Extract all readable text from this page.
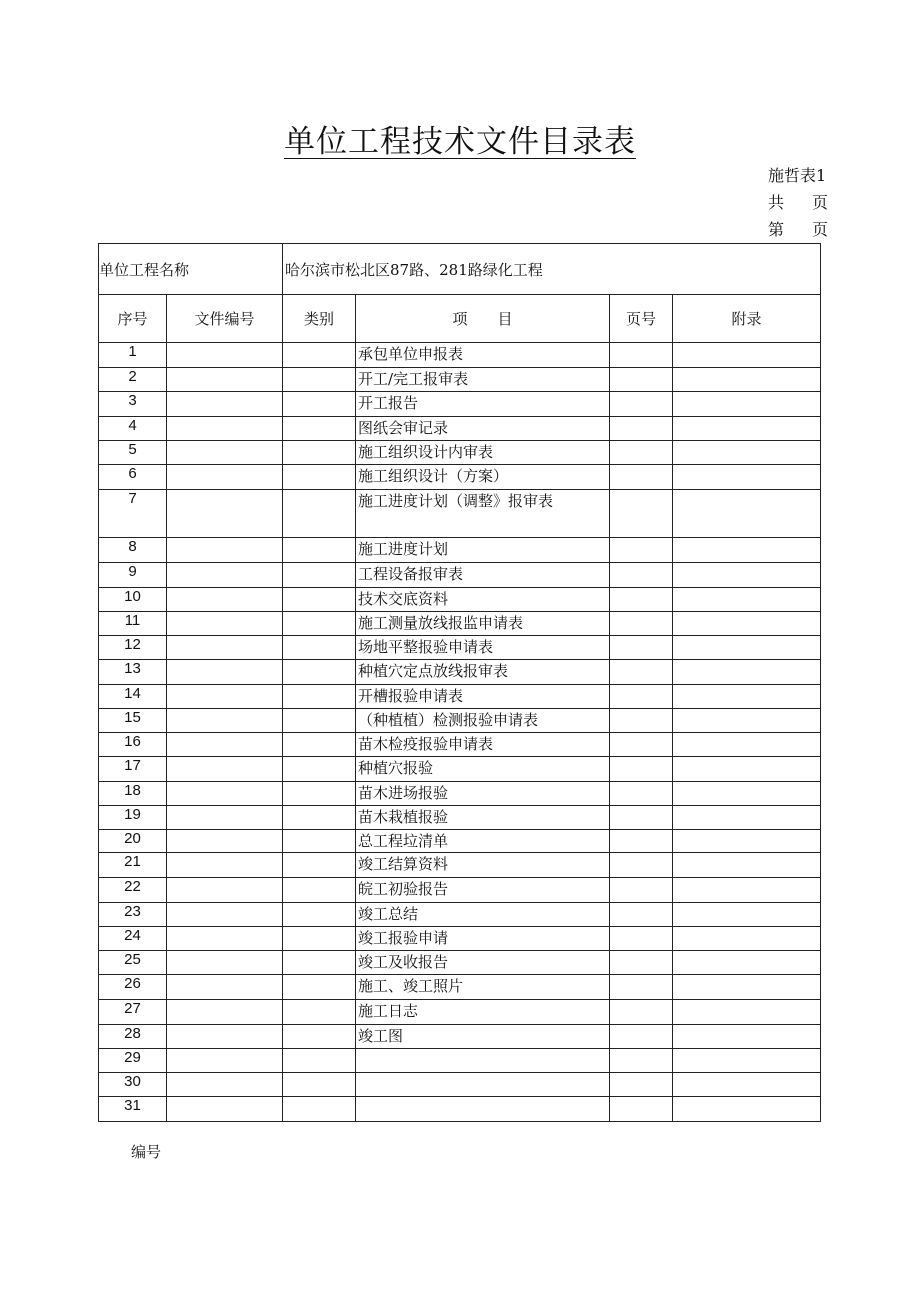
单位工程技术文件目录表
施哲表1
共 页
第 页
单位工程名称		哈尔滨市松北区87路、281路绿化工程			
序号	文件编号	类别	项　　目	页号	附录
1			承包单位申报表		
2			开工/完工报审表		
3			开工报告		
4			图纸会审记录		
5			施工组织设计内审表		
6			施工组织设计（方案）		
7			施工进度计划（调整》报审表		
8			施工进度计划		
9			工程设备报审表		
10			技术交底资料		
11			施工测量放线报监申请表		
12			场地平整报验申请表		
13			种植穴定点放线报审表		
14			开槽报验申请表		
15			（种植植）检测报验申请表		
16			苗木检疫报验申请表		
17			种植穴报验		
18			苗木进场报验		
19			苗木栽植报验		
20			总工程垃清单		
21			竣工结算资料		
22			皖工初验报告		
23			竣工总结		
24			竣工报验申请		
25			竣工及收报告		
26			施工、竣工照片		
27			施工日志		
28			竣工图		
29					
30					
31					
编号
